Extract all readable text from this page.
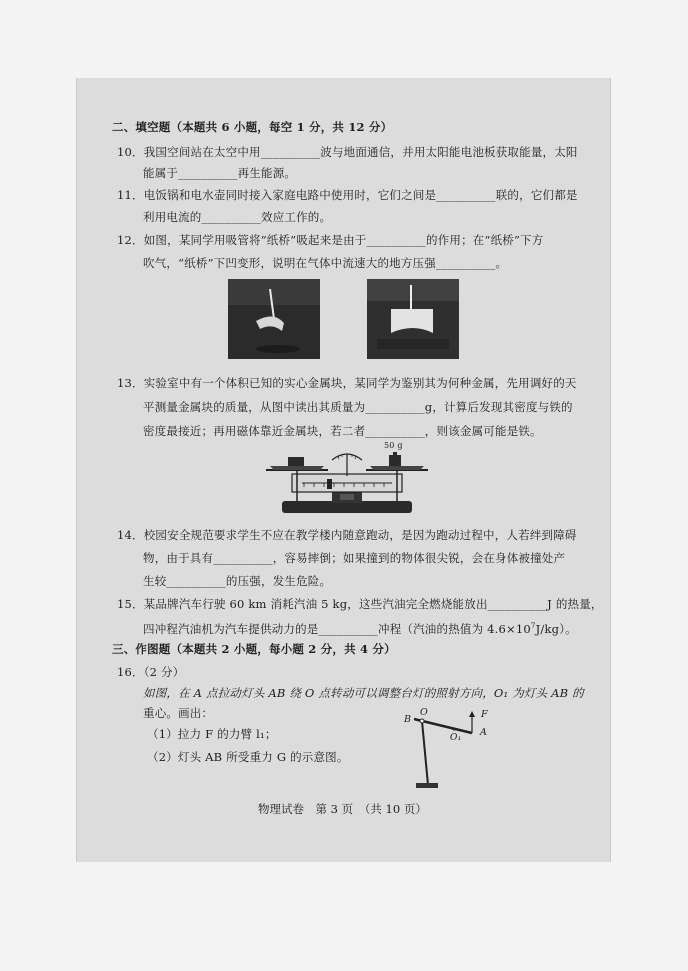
二、填空题（本题共 6 小题，每空 1 分，共 12 分）
10．我国空间站在太空中用__________波与地面通信，并用太阳能电池板获取能量，太阳
能属于__________再生能源。
11．电饭锅和电水壶同时接入家庭电路中使用时，它们之间是__________联的，它们都是
利用电流的__________效应工作的。
12．如图，某同学用吸管将“纸桥”吸起来是由于__________的作用；在“纸桥”下方
吹气，“纸桥”下凹变形，说明在气体中流速大的地方压强__________。
13．实验室中有一个体积已知的实心金属块，某同学为鉴别其为何种金属，先用调好的天
平测量金属块的质量，从图中读出其质量为__________g，计算后发现其密度与铁的
密度最接近；再用磁体靠近金属块，若二者__________，则该金属可能是铁。
50 g
14．校园安全规范要求学生不应在教学楼内随意跑动，是因为跑动过程中，人若绊到障碍
物，由于具有__________，容易摔倒；如果撞到的物体很尖锐，会在身体被撞处产
生较__________的压强，发生危险。
15．某品牌汽车行驶 60 km 消耗汽油 5 kg，这些汽油完全燃烧能放出__________J 的热量，
四冲程汽油机为汽车提供动力的是__________冲程（汽油的热值为 $4.6\times 10^7J/kg$）。
三、作图题（本题共 2 小题，每小题 2 分，共 4 分）
16．（2 分）
如图，在 A 点拉动灯头 AB 绕 O 点转动可以调整台灯的照射方向，O₁ 为灯头 AB 的
重心。画出：
（1）拉力 F 的力臂 l₁；
（2）灯头 AB 所受重力 G 的示意图。
B
O
O₁ A
F
物理试卷　第 3 页　（共 10 页）
